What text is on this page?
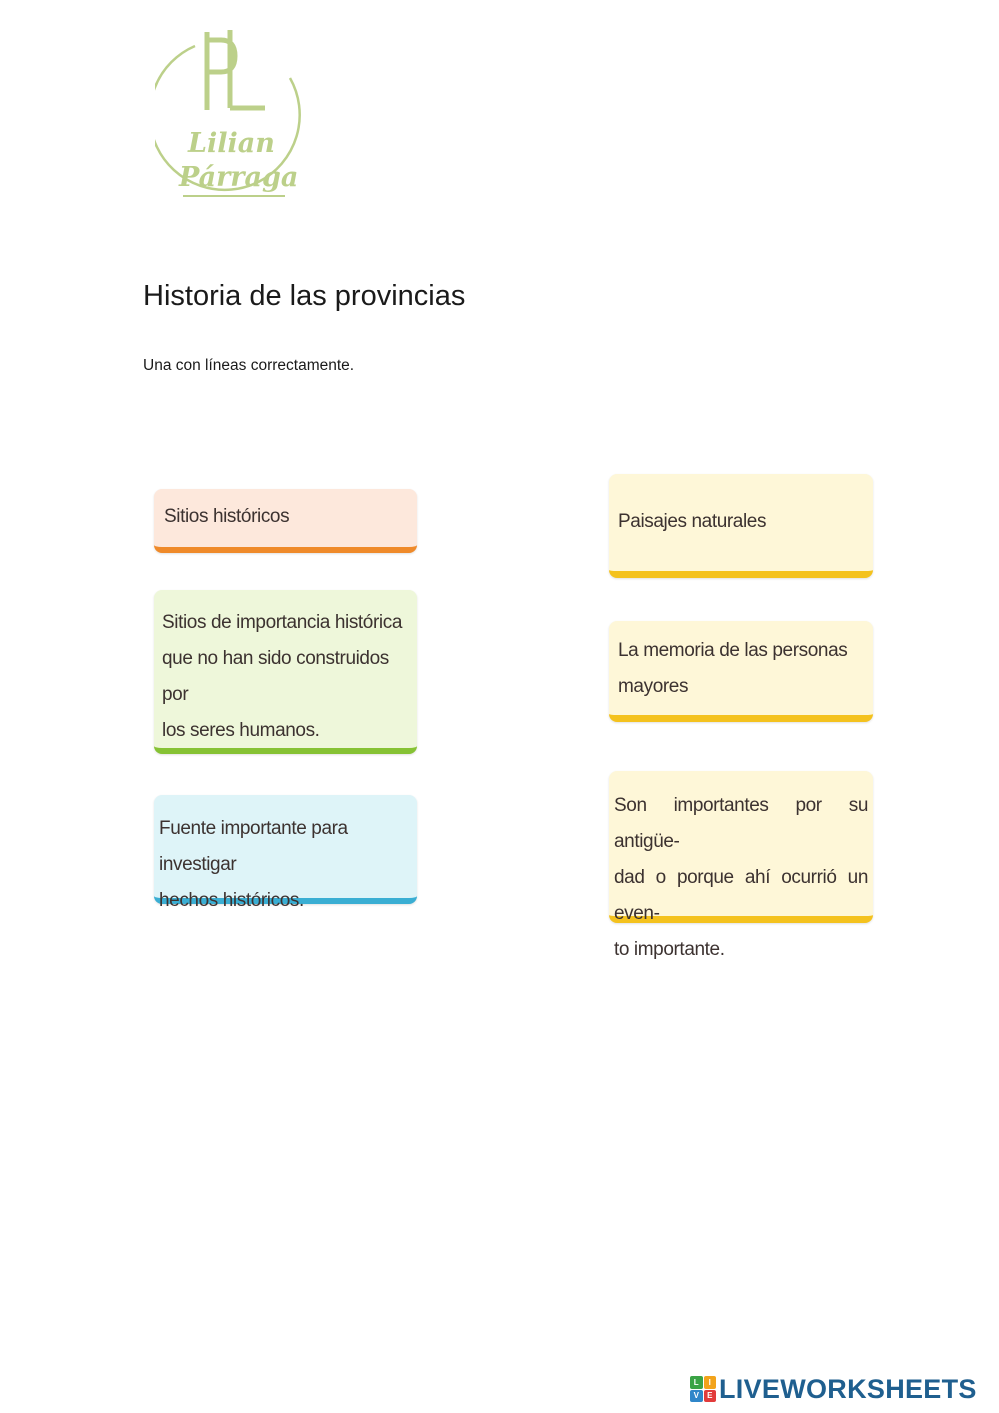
Lilian
Párraga
Historia de las provincias
Una con líneas correctamente.
Sitios históricos
Sitios de importancia histórica
que no han sido construidos por
los seres humanos.
Fuente importante para investigar
hechos históricos.
Paisajes naturales
La memoria de las personas
mayores
Son importantes por su antigüe-
dad o porque ahí ocurrió un even-
to importante.
L	I
V	E LIVEWORKSHEETS
